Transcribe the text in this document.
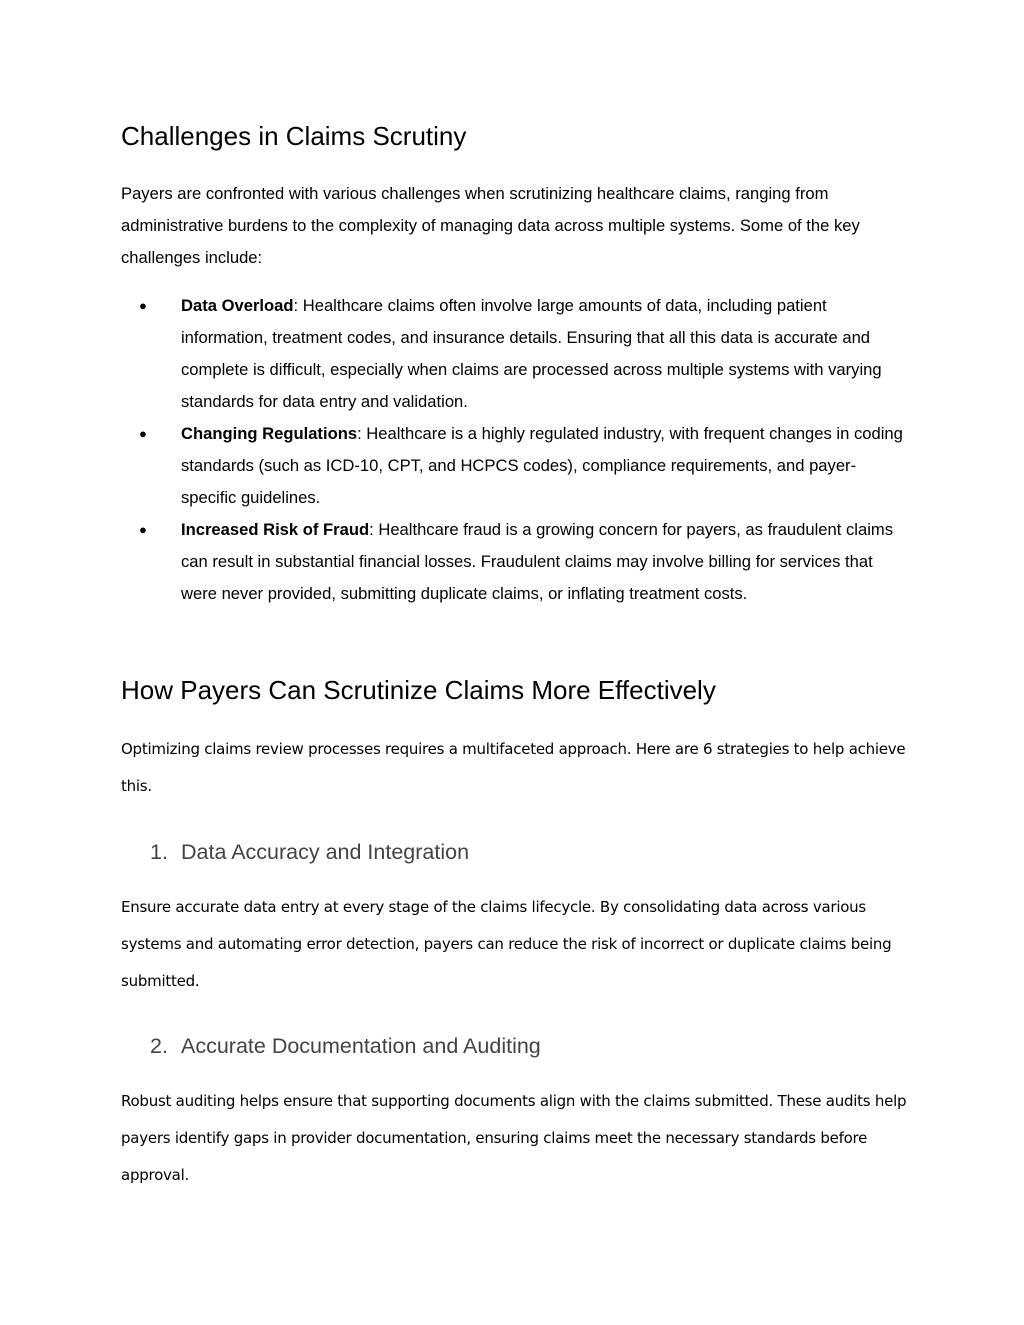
Challenges in Claims Scrutiny

Payers are confronted with various challenges when scrutinizing healthcare claims, ranging from administrative burdens to the complexity of managing data across multiple systems. Some of the key challenges include:

● Data Overload: Healthcare claims often involve large amounts of data, including patient information, treatment codes, and insurance details. Ensuring that all this data is accurate and complete is difficult, especially when claims are processed across multiple systems with varying standards for data entry and validation.
● Changing Regulations: Healthcare is a highly regulated industry, with frequent changes in coding standards (such as ICD-10, CPT, and HCPCS codes), compliance requirements, and payer-specific guidelines.
● Increased Risk of Fraud: Healthcare fraud is a growing concern for payers, as fraudulent claims can result in substantial financial losses. Fraudulent claims may involve billing for services that were never provided, submitting duplicate claims, or inflating treatment costs.
How Payers Can Scrutinize Claims More Effectively

Optimizing claims review processes requires a multifaceted approach. Here are 6 strategies to help achieve this.

1. Data Accuracy and Integration

Ensure accurate data entry at every stage of the claims lifecycle. By consolidating data across various systems and automating error detection, payers can reduce the risk of incorrect or duplicate claims being submitted.

2. Accurate Documentation and Auditing

Robust auditing helps ensure that supporting documents align with the claims submitted. These audits help payers identify gaps in provider documentation, ensuring claims meet the necessary standards before approval.
